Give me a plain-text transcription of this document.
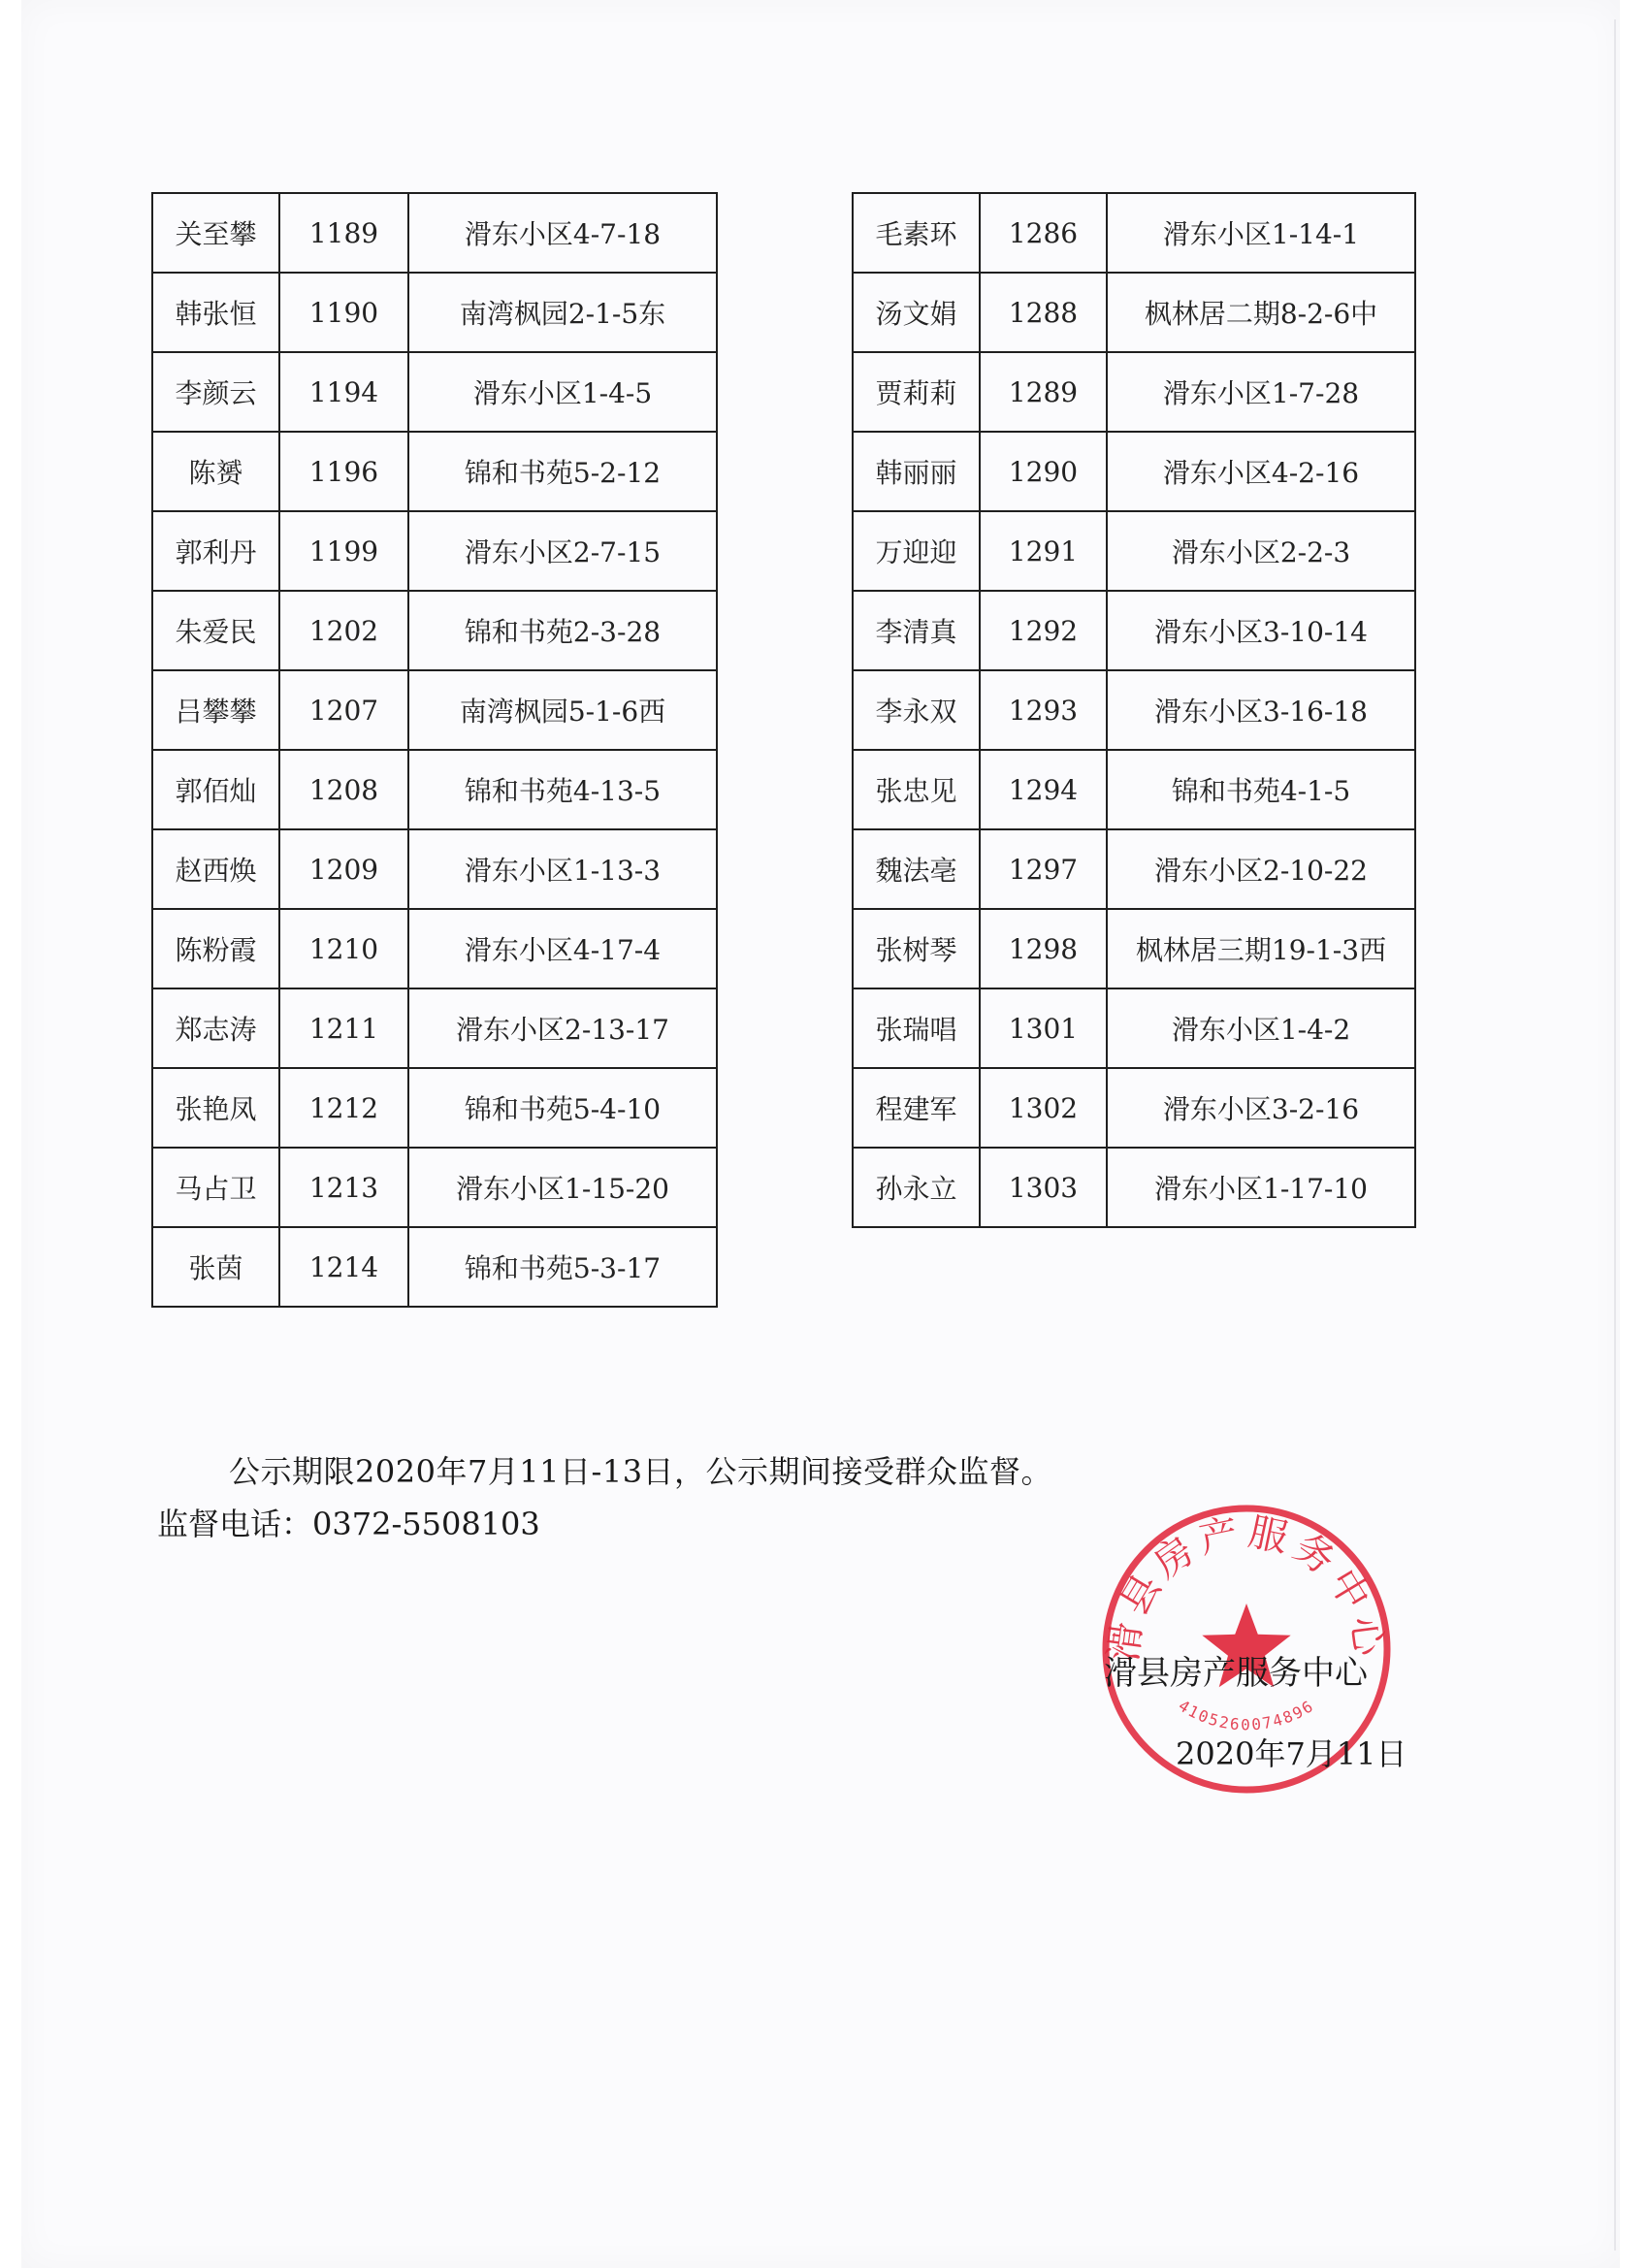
关至攀	1189	滑东小区4-7-18
韩张恒	1190	南湾枫园2-1-5东
李颜云	1194	滑东小区1-4-5
陈赟	1196	锦和书苑5-2-12
郭利丹	1199	滑东小区2-7-15
朱爱民	1202	锦和书苑2-3-28
吕攀攀	1207	南湾枫园5-1-6西
郭佰灿	1208	锦和书苑4-13-5
赵西焕	1209	滑东小区1-13-3
陈粉霞	1210	滑东小区4-17-4
郑志涛	1211	滑东小区2-13-17
张艳凤	1212	锦和书苑5-4-10
马占卫	1213	滑东小区1-15-20
张茵	1214	锦和书苑5-3-17
毛素环	1286	滑东小区1-14-1
汤文娟	1288	枫林居二期8-2-6中
贾莉莉	1289	滑东小区1-7-28
韩丽丽	1290	滑东小区4-2-16
万迎迎	1291	滑东小区2-2-3
李清真	1292	滑东小区3-10-14
李永双	1293	滑东小区3-16-18
张忠见	1294	锦和书苑4-1-5
魏法亳	1297	滑东小区2-10-22
张树琴	1298	枫林居三期19-1-3西
张瑞唱	1301	滑东小区1-4-2
程建军	1302	滑东小区3-2-16
孙永立	1303	滑东小区1-17-10
公示期限2020年7月11日-13日，公示期间接受群众监督。
监督电话：0372-5508103
滑县房产服务中心
4105260074896
滑县房产服务中心
2020年7月11日
